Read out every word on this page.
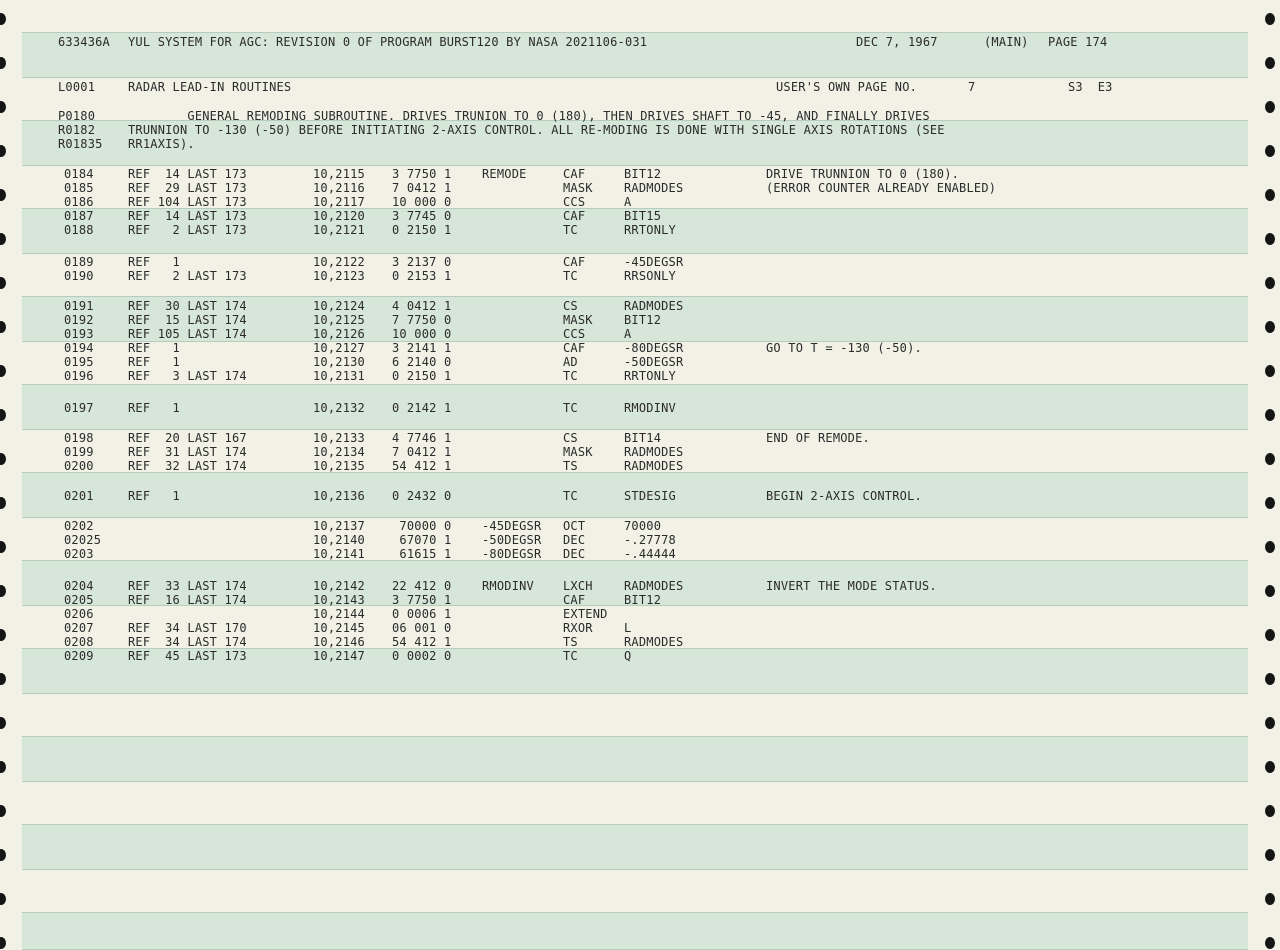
633436A YUL SYSTEM FOR AGC: REVISION 0 OF PROGRAM BURST120 BY NASA 2021106-031	DEC 7, 1967	(MAIN) PAGE 174
L0001	RADAR LEAD-IN ROUTINES	USER'S OWN PAGE NO.	7	S3  E3
P0180	GENERAL REMODING SUBROUTINE. DRIVES TRUNION TO 0 (180), THEN DRIVES SHAFT TO -45, AND FINALLY DRIVES
R0182	TRUNNION TO -130 (-50) BEFORE INITIATING 2-AXIS CONTROL. ALL RE-MODING IS DONE WITH SINGLE AXIS ROTATIONS (SEE
R01835 RR1AXIS).
0184	REF  14 LAST 173	10,2115 3 7750 1	REMODE	CAF	BIT12	DRIVE TRUNNION TO 0 (180).
0185	REF  29 LAST 173	10,2116 7 0412 1	MASK	RADMODES	(ERROR COUNTER ALREADY ENABLED)
0186	REF 104 LAST 173	10,2117 10 000 0	CCS	A
0187	REF  14 LAST 173	10,2120 3 7745 0	CAF	BIT15
0188	REF   2 LAST 173	10,2121 0 2150 1	TC	RRTONLY
0189	REF   1	10,2122 3 2137 0	CAF	-45DEGSR
0190	REF   2 LAST 173	10,2123 0 2153 1	TC	RRSONLY
0191	REF  30 LAST 174	10,2124 4 0412 1	CS	RADMODES
0192	REF  15 LAST 174	10,2125 7 7750 0	MASK	BIT12
0193	REF 105 LAST 174	10,2126 10 000 0	CCS	A
0194	REF   1	10,2127 3 2141 1	CAF	-80DEGSR	GO TO T = -130 (-50).
0195	REF   1	10,2130 6 2140 0	AD	-50DEGSR
0196	REF   3 LAST 174	10,2131 0 2150 1	TC	RRTONLY
0197	REF   1	10,2132 0 2142 1	TC	RMODINV
0198	REF  20 LAST 167	10,2133 4 7746 1	CS	BIT14	END OF REMODE.
0199	REF  31 LAST 174	10,2134 7 0412 1	MASK	RADMODES
0200	REF  32 LAST 174	10,2135 54 412 1	TS	RADMODES
0201	REF   1	10,2136 0 2432 0	TC	STDESIG	BEGIN 2-AXIS CONTROL.
0202	10,2137 70000 0	-45DEGSR OCT	70000
02025	10,2140 67070 1	-50DEGSR DEC	-.27778
0203	10,2141 61615 1	-80DEGSR DEC	-.44444
0204	REF  33 LAST 174	10,2142 22 412 0	RMODINV LXCH	RADMODES	INVERT THE MODE STATUS.
0205	REF  16 LAST 174	10,2143 3 7750 1	CAF	BIT12
0206	10,2144 0 0006 1	EXTEND
0207	REF  34 LAST 170	10,2145 06 001 0	RXOR	L
0208	REF  34 LAST 174	10,2146 54 412 1	TS	RADMODES
0209	REF  45 LAST 173	10,2147 0 0002 0	TC	Q
